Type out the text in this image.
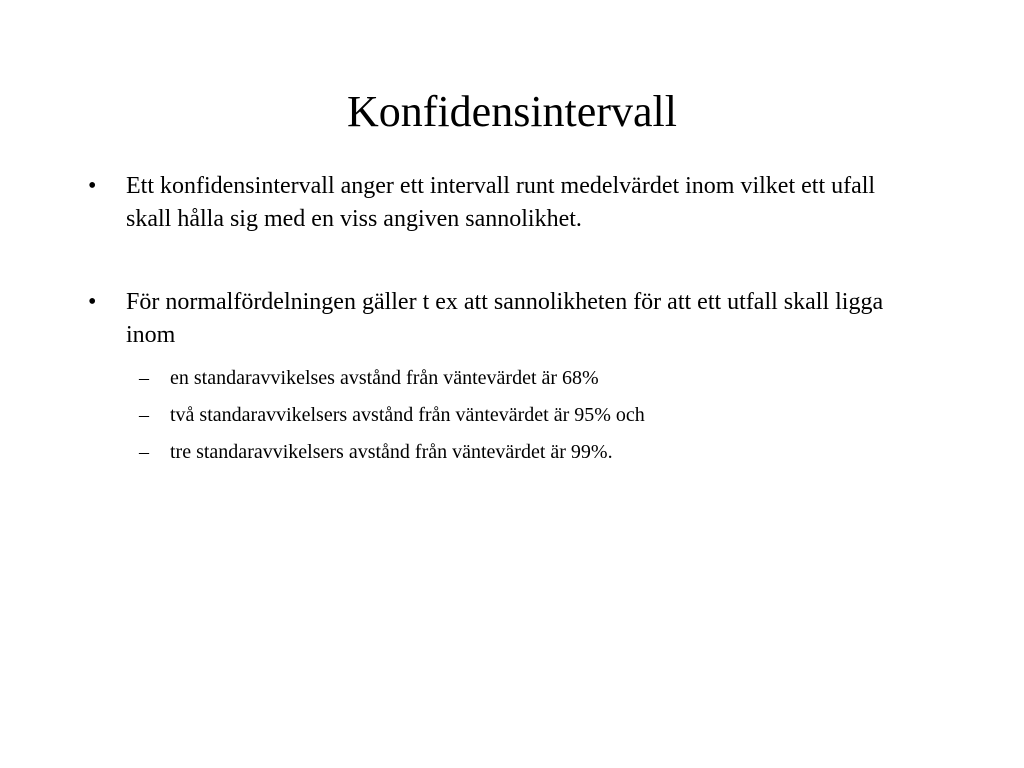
Konfidensintervall
• Ett konfidensintervall anger ett intervall runt medelvärdet inom vilket ett ufall skall hålla sig med en viss angiven sannolikhet.
• För normalfördelningen gäller t ex att sannolikheten för att ett utfall skall ligga inom
– en standaravvikelses avstånd från väntevärdet är 68%
– två standaravvikelsers avstånd från väntevärdet är 95% och
– tre standaravvikelsers avstånd från väntevärdet är 99%.
